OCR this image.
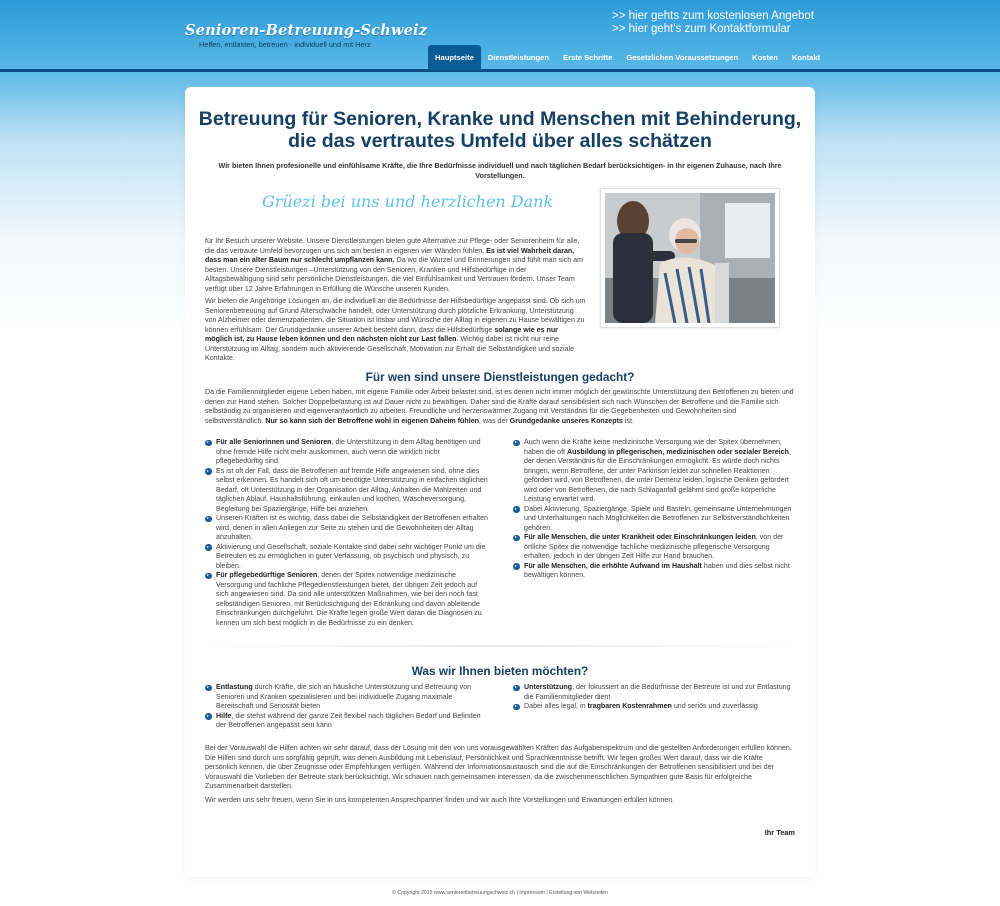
Senioren-Betreuung-Schweiz
Helfen, entlasten, betreuen - individuell und mit Herz
>> hier gehts zum kostenlosen Angebot
>> hier geht's zum Kontaktformular
Hauptseite	Dienstleistungen	Erste Schritte	Gesetzlichen Voraussetzungen	Kosten	Kontakt
Betreuung für Senioren, Kranke und Menschen mit Behinderung,
die das vertrautes Umfeld über alles schätzen
Wir bieten Ihnen profesionelle und einfühlsame Kräfte, die Ihre Bedürfnisse individuell und nach täglichen Bedarf berücksichtigen- in Ihr eigenen Zuhause, nach Ihre Vorstellungen.
Grüezi bei uns und herzlichen Dank
für Ihr Besuch unserer Website. Unsere Dienstleistungen bieten gute Alternative zur Pflege- oder Seniorenheim für alle, die das vertraute Umfeld bevorzugen uns sich am besten in eigenen vier Wänden fühlen. Es ist viel Wahrheit daran, dass man ein alter Baum nur schlecht umpflanzen kann. Da wo die Wurzel und Erinnerungen sind fühlt man sich am besten. Unsere Dienstleistungen –Unterstützung von den Senioren, Kranken und Hilfsbedürftige in der Alltagsbewältigung sind sehr persönliche Dienstleistungen, die viel Einfühlsamkeit und Vertrauen fördern. Unser Team verfügt über 12 Jahre Erfahrungen in Erfüllung die Wünsche unseren Kunden.
Wir bieten die Angehörige Lösungen an, die individuell an die Bedürfnisse der Hilfsbedürftige angepasst sind. Ob sich um Seniorenbetreuung auf Grund Alterschwäche handelt, oder Unterstützung durch plötzliche Erkrankung, Unterstützung von Alzheimer oder demenzpatienten, die Situation ist lösbar und Wünsche der Alltag in eigenen zu Hause bewältigen zu können erfühlsam. Der Grundgedanke unserer Arbeit besteht dann, dass die Hilfsbedürftige solange wie es nur möglich ist, zu Hause leben können und den nächsten nicht zur Last fallen. Wichtig dabei ist nicht nur reine Unterstützung im Alltag, sondern auch aktivierende Gesellschaft, Motivation zur Erhalt die Selbständigkeit und soziale Kontakte.
Für wen sind unsere Dienstleistungen gedacht?
Da die Familienmitglieder eigene Leben haben, mit eigene Familie oder Arbeit belastet sind, ist es denen nicht immer möglich der gewünschte Unterstützung den Betroffenen zu bieten und denen zur Hand stehen. Solcher Doppelbelastung ist auf Dauer nicht zu bewältigen. Daher sind die Kräfte darauf sensibilisiert sich nach Wünschen der Betroffene und die Familie sich selbständig zu organisieren und eigenverantwortlich zu arbeiten. Freundliche und herzenswärmer Zugang mit Verständnis für die Gegebenheiten und Gewohnheiten sind selbstverständlich. Nur so kann sich der Betroffene wohl in eigenen Daheim fühlen, was der Grundgedanke unseres Konzepts ist.
Für alle Seniorinnen und Senioren, die Unterstützung in dem Alltag benötigen und ohne fremde Hilfe nicht mehr auskommen, auch wenn die wirklich nicht pflegebedürftig sind.
Es ist oft der Fall, dass die Betroffenen auf fremde Hilfe angewiesen sind, ohne dies selbst erkennen. Es handelt sich oft um benötigte Unterstützung in einfachen täglichen Bedarf, oft Unterstützung in der Organisation der Alltag, Anhalten die Mahlzeiten und täglichen Ablauf, Haushaltsführung, einkaufen und kochen, Wäscheversorgung, Begleitung bei Spaziergänge, Hilfe bei anziehen.
Unseren Kräften ist es wichtig, dass dabei die Selbständigkeit der Betroffenen erhalten wird, denen in allen Anliegen zur Seite zu stehen und die Gewohnheiten der Alltag anzuhalten.
Aktivierung und Gesellschaft, soziale Kontakte sind dabei sehr wichtiger Punkt um die Betreuten es zu ermöglichen in guter Verfassung, ob psychisch und physisch, zu bleiben.
Für pflegebedürftige Senioren, denen der Spitex notwendige medizinische Versorgung und fachliche Pflegedienstleistungen bietet, der übrigen Zeit jedoch auf sich angewiesen sind. Da sind alle unterstützen Maßnahmen, wie bei den noch fast selbständigen Senioren, mit Berücksichtigung der Erkrankung und davon ableitende Einschränkungen durchgeführt. Die Kräfte legen große Wert daran die Diagnosen zu kennen um sich best möglich in die Bedürfnisse zu ein denken.
Auch wenn die Kräfte keine medizinische Versorgung wie der Spitex übernehmen, haben die oft Ausbildung in pflegerischen, medizinischen oder sozialer Bereich, der denen Verständnis für die Einschränkungen ermöglicht. Es würde doch nichts bringen, wenn Betroffene, der unter Parkinson leidet zur schnellen Reaktionen gefördert wird, von Betroffenen, die unter Demenz leiden, logische Denken gefördert wird oder von Betroffenen, die nach Schlaganfall gelähmt sind große körperliche Leistung erwartet wird.
Dabei Aktivierung, Spaziergänge, Spiele und Basteln, gemeinsame Unternehmungen und Unterhaltungen nach Möglichkeiten die Betroffenen zur Selbstverständlichkeiten gehören.
Für alle Menschen, die unter Krankheit oder Einschränkungen leiden, von der örtliche Spitex die notwendige fachliche medizinische pflegerische Versorgung erhalten, jedoch in der übrigen Zeit Hilfe zur Hand brauchen.
Für alle Menschen, die erhöhte Aufwand im Haushalt haben und dies selbst nicht bewältigen können.
Was wir Ihnen bieten möchten?
Entlastung durch Kräfte, die sich an häusliche Unterstützung und Betreuung von Senioren und Kranken spezialisieren und bei individuelle Zugang maximale Bereitschaft und Seriosität bieten
Hilfe, die stehst während der ganze Zeit flexibel nach täglichen Bedarf und Befinden der Betroffenen angepasst sein kann
Unterstützung, der fokussiert an die Bedürfnisse der Betreute ist und zur Entlastung die Familienmitglieder dient
Dabei alles legal, in tragbaren Kostenrahmen und seriös und zuverlässig
Bei der Vorauswahl die Hilfen achten wir sehr darauf, dass der Lösung mit den von uns vorausgewählten Kräften das Aufgabenspektrum und die gestellten Anforderungen erfüllen können. Die Hilfen sind durch uns sorgfältig geprüft, was denen Ausbildung mit Lebenslauf, Persönlichkeit und Sprachkenntnisse betrifft. Wir legen großes Wert darauf, dass wir die Kräfte persönlich kennen, die über Zeugnisse oder Empfehlungen verfügen. Während der Informationsaustausch sind die auf die Einschränkungen der Betroffenen sensibilisiert und bei der Vorauswahl die Vorlieben der Betreute stark berücksichtigt. Wir schauen nach gemeinsamen interessen, da die zwischenmenschlichen Sympathien gute Basis für erfolgreiche Zusammenarbeit darstellen.
Wir werden uns sehr freuen, wenn Sie in uns kompetenten Ansprechpartner finden und wir auch Ihre Vorstellungen und Erwartungen erfüllen können.
Ihr Team
© Copyright 2015 www.seniorenbetreuungschweiz.ch | Impressum | Erstellung von Webseiten
